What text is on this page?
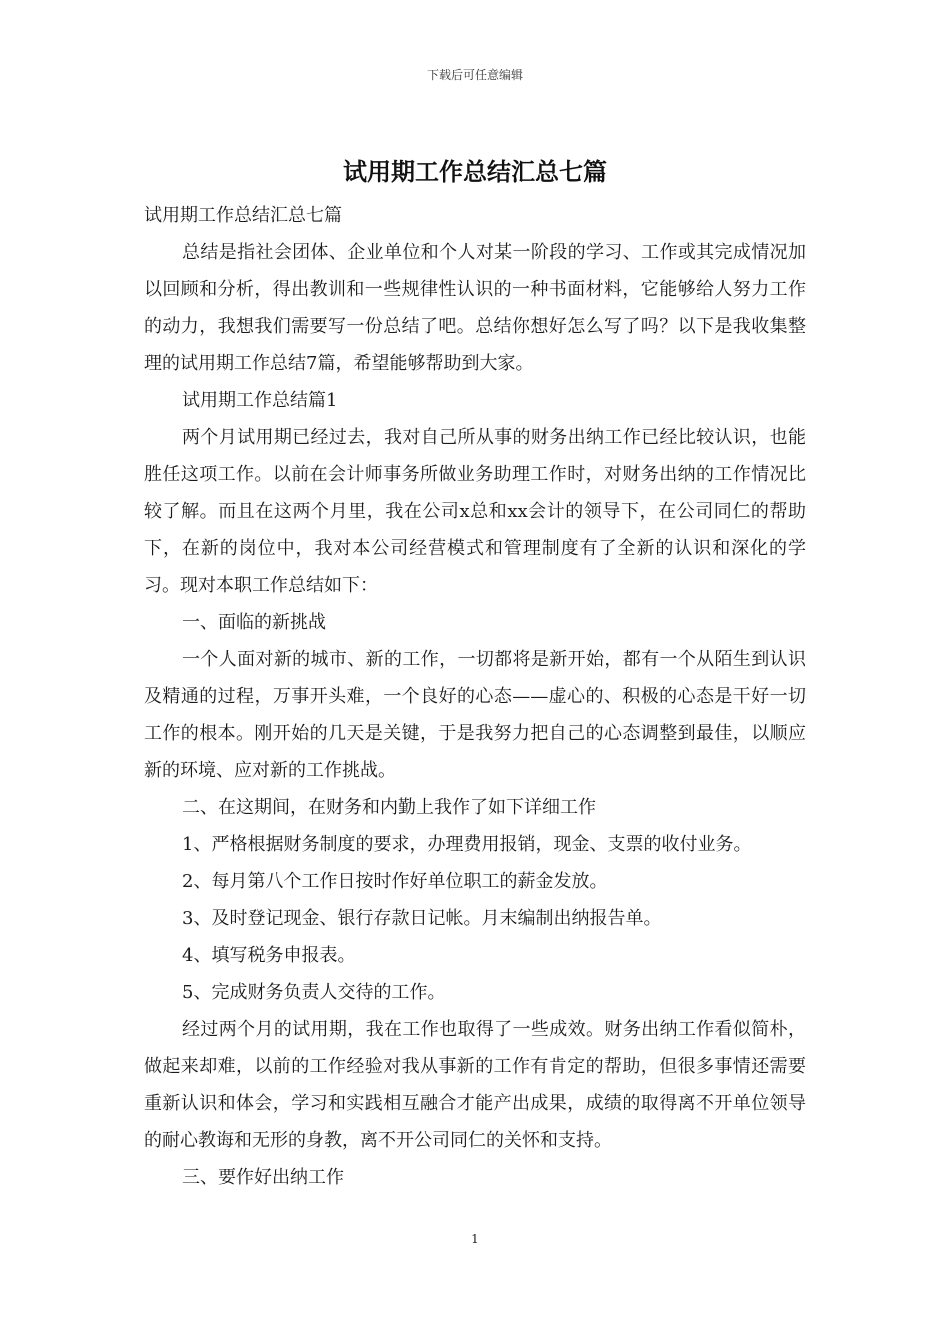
下载后可任意编辑
试用期工作总结汇总七篇

试用期工作总结汇总七篇

总结是指社会团体、企业单位和个人对某一阶段的学习、工作或其完成情况加以回顾和分析，得出教训和一些规律性认识的一种书面材料，它能够给人努力工作的动力，我想我们需要写一份总结了吧。总结你想好怎么写了吗？以下是我收集整理的试用期工作总结7篇，希望能够帮助到大家。

试用期工作总结篇1

两个月试用期已经过去，我对自己所从事的财务出纳工作已经比较认识，也能胜任这项工作。以前在会计师事务所做业务助理工作时，对财务出纳的工作情况比较了解。而且在这两个月里，我在公司x总和xx会计的领导下，在公司同仁的帮助下，在新的岗位中，我对本公司经营模式和管理制度有了全新的认识和深化的学习。现对本职工作总结如下：

一、面临的新挑战

一个人面对新的城市、新的工作，一切都将是新开始，都有一个从陌生到认识及精通的过程，万事开头难，一个良好的心态——虚心的、积极的心态是干好一切工作的根本。刚开始的几天是关键，于是我努力把自己的心态调整到最佳，以顺应新的环境、应对新的工作挑战。

二、在这期间，在财务和内勤上我作了如下详细工作

1、严格根据财务制度的要求，办理费用报销，现金、支票的收付业务。

2、每月第八个工作日按时作好单位职工的薪金发放。

3、及时登记现金、银行存款日记帐。月末编制出纳报告单。

4、填写税务申报表。

5、完成财务负责人交待的工作。

经过两个月的试用期，我在工作也取得了一些成效。财务出纳工作看似简朴，做起来却难，以前的工作经验对我从事新的工作有肯定的帮助，但很多事情还需要重新认识和体会，学习和实践相互融合才能产出成果，成绩的取得离不开单位领导的耐心教诲和无形的身教，离不开公司同仁的关怀和支持。

三、要作好出纳工作

1
